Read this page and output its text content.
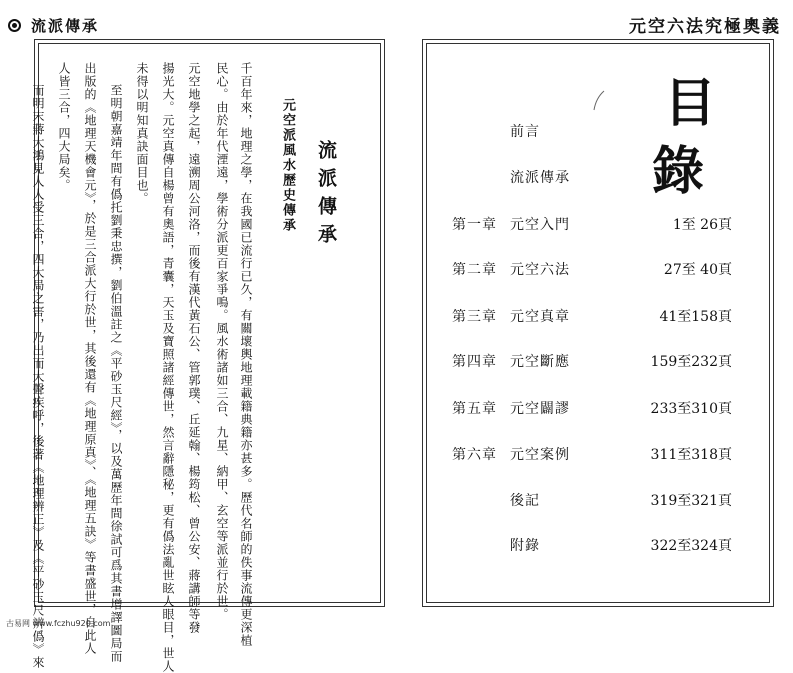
流派傳承	元空六法究極奧義
流派傳承
元空派風水歷史傳承
千百年來，地理之學，在我國已流行已久，有關壞輿地理載籍典籍亦甚多。歷代名師的佚事流傳更深植
民心。由於年代湮遠，學術分派更百家爭鳴。風水術諸如三合、九星、納甲、玄空等派並行於世。
元空地學之起，遠溯周公河洛，而後有漢代黃石公、管郭璞、丘延翰、楊筠松、曾公安、蔣講師等發
揚光大。元空真傳自楊曾有奧語，青囊，天玉及寶照諸經傳世，然言辭隱秘，更有僞法亂世眩人眼目，世人
未得以明知真訣面目也。
至明朝嘉靖年間有僞托劉秉忠撰，劉伯溫註之《平砂玉尺經》，以及萬歷年間徐試可爲其書增譯圖局而
出版的《地理天機會元》，於是三合派大行於世，其後還有《地理原真》、《地理五訣》等書盛世，自此人
人皆三合，四大局矣。
而明末蔣大鴻見人人受三合，四大局之害，乃出而大聲疾呼，後著《地理辨正》及《平砂玉尺辨僞》來	目
錄
前言
流派傳承
第一章 元空入門	1至 26頁
第二章 元空六法	27至 40頁
第三章 元空真章	41至158頁
第四章 元空斷應	159至232頁
第五章 元空闢謬	233至310頁
第六章 元空案例	311至318頁
後記	319至321頁
附錄	322至324頁
古易网 www.fczhu920.com
